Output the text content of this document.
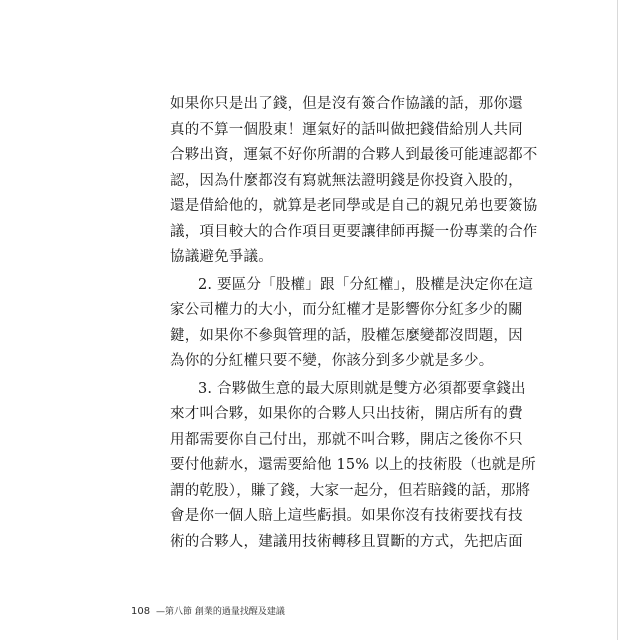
如果你只是出了錢，但是沒有簽合作協議的話，那你還
真的不算一個股東！運氣好的話叫做把錢借給別人共同
合夥出資，運氣不好你所謂的合夥人到最後可能連認都不
認，因為什麼都沒有寫就無法證明錢是你投資入股的，
還是借給他的，就算是老同學或是自己的親兄弟也要簽協
議，項目較大的合作項目更要讓律師再擬一份專業的合作
協議避免爭議。
2. 要區分「股權」跟「分紅權」，股權是決定你在這
家公司權力的大小，而分紅權才是影響你分紅多少的關
鍵，如果你不參與管理的話，股權怎麼變都沒問題，因
為你的分紅權只要不變，你該分到多少就是多少。
3. 合夥做生意的最大原則就是雙方必須都要拿錢出
來才叫合夥，如果你的合夥人只出技術，開店所有的費
用都需要你自己付出，那就不叫合夥，開店之後你不只
要付他薪水，還需要給他 15% 以上的技術股（也就是所
謂的乾股），賺了錢，大家一起分，但若賠錢的話，那將
會是你一個人賠上這些虧損。如果你沒有技術要找有技
術的合夥人，建議用技術轉移且買斷的方式，先把店面
108 —第八節 創業的過量找醒及建議
